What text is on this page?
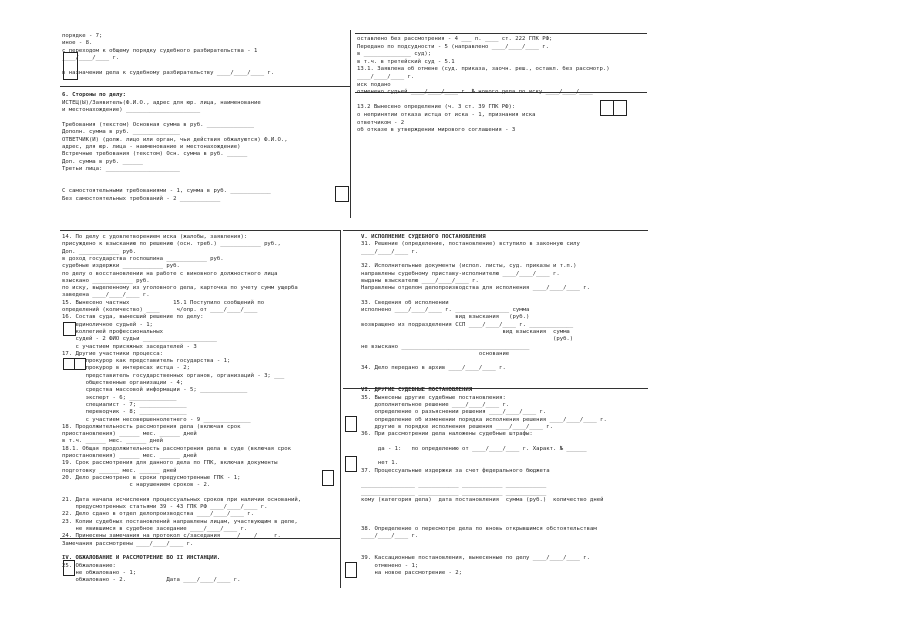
порядке - 7;
иное - 8.
с переходом к общему порядку судебного разбирательства - 1
____/____/____ г.
в назначении дела к судебному разбирательству ____/____/____ г.
6. Стороны по делу:
ИСТЕЦ(Ы)/Заявитель(Ф.И.О., адрес для юр. лица, наименование
и местонахождение) ______________________
Требования (текстом) Основная сумма в руб. ______________
Дополн. сумма в руб. ______________
ОТВЕТЧИК(И) (долж. лицо или орган, чьи действия обжалуются) Ф.И.О.,
адрес, для юр. лица - наименование и местонахождение)
Встречные требования (текстом) Осн. сумма в руб. ______
Доп. сумма в руб. ______
Третьи лица: ______________________
С самостоятельными требованиями - 1, сумма в руб. ____________
Без самостоятельных требований - 2 ____________
оставлено без рассмотрения - 4 ___ п. ____ ст. 222 ГПК РФ;
Передано по подсудности - 5 (направлено ____/____/____ г.
в ______________ суд);
в т.ч. в третейский суд - 5.1
13.1. Заявлена об отмене (суд. приказа, заочн. реш., оставл. без рассмотр.)
____/____/____ г.
иск подано
отменено судьей ____/____/____ г. № нового дела по иску ____/____/____
13.2 Вынесено определение (ч. 3 ст. 39 ГПК РФ):
о непринятии отказа истца от иска - 1, признания иска
ответчиком - 2
об отказе в утверждении мирового соглашения - 3
14. По делу с удовлетворением иска (жалобы, заявления):
присуждено к взысканию по решению (осн. треб.) ____________ руб.,
Доп. ____________ руб.
в доход государства госпошлина ____________ руб.
судебные издержки ____________ руб.
по делу о восстановлении на работе с виновного должностного лица
взыскано ____________ руб.
по иску, выделенному из уголовного дела, карточка по учету сумм ущерба
заведена ____/____/____ г.
15. Вынесено частных             15.1 Поступило сообщений по
определений (количество) ____     ч/опр. от ____/____/____
16. Состав суда, вынесший решение по делу:
единоличное судьей - 1;
коллегией профессиональных
судей - 2 ФИО судьи ______________________
с участием присяжных заседателей - 3
17. Другие участники процесса:
прокурор как представитель государства - 1;
прокурор в интересах истца - 2;
представитель государственных органов, организаций - 3; ___
общественные организации - 4;
средства массовой информации - 5; ______________
эксперт - 6; ______________
специалист - 7; ______________
переводчик - 8; ______________
с участием несовершеннолетнего - 9 ______________
18. Продолжительность рассмотрения дела (включая срок
приостановления) ______ мес. ______ дней
в т.ч. ______ мес. ______ дней
18.1. Общая продолжительность рассмотрения дела в суде (включая срок
приостановления) ______ мес. ______ дней
19. Срок рассмотрения для данного дела по ГПК, включая документы
подготовку ______ мес. ______ дней
20. Дело рассмотрено в сроки предусмотренные ГПК - 1;
с нарушением сроков - 2.
21. Дата начала исчисления процессуальных сроков при наличии оснований,
предусмотренных статьями 39 - 43 ГПК РФ ____/____/____ г.
22. Дело сдано в отдел делопроизводства ____/____/____ г.
23. Копии судебных постановлений направлены лицам, участвующим в деле,
не явившимся в судебное заседание ____/____/____ г.
24. Принесены замечания на протокол с/заседания ____/____/____ г.
Замечания рассмотрены ____/____/____ г.
IV. ОБЖАЛОВАНИЕ И РАССМОТРЕНИЕ ВО II ИНСТАНЦИИ.
25. Обжалование:
не обжаловано - 1;
обжаловано - 2.            Дата ____/____/____ г.
V. ИСПОЛНЕНИЕ СУДЕБНОГО ПОСТАНОВЛЕНИЯ
31. Решение (определение, постановление) вступило в законную силу
____/____/____ г.
32. Исполнительные документы (испол. листы, суд. приказы и т.п.)
направлены судебному приставу-исполнителю ____/____/____ г.
выданы взыскателю ____/____/____ г.
Направлены отделом делопроизводства для исполнения ____/____/____ г.
33. Сведения об исполнении
исполнено ____/____/____ г. ________________ сумма
вид взыскания   (руб.)
возвращено из подразделения ССП ____/____/____ г. _____________
вид взыскания  сумма
(руб.)
не взыскано ______________________________________
основание
34. Дело передано в архив ____/____/____ г.
VI. ДРУГИЕ СУДЕБНЫЕ ПОСТАНОВЛЕНИЯ
35. Вынесены другие судебные постановления:
дополнительное решение ____/____/____ г.
определение о разъяснении решения ____/____/____ г.
определение об изменении порядка исполнения решения ____/____/____ г.
другие в порядке исполнения решения ____/____/____ г.
36. При рассмотрении дела наложены судебные штрафы:
да - 1:   по определению от ____/____/____ г. Характ. № ______
нет 1.
37. Процессуальные издержки за счет федерального бюджета
________________ ____________ ____________ ____________
________________ ____________ ____________ ____________
кому (категория дела)  дата постановления  сумма (руб.)  количество дней
38. Определение о пересмотре дела по вновь открывшимся обстоятельствам
____/____/____ г.
39. Кассационные постановления, вынесенные по делу ____/____/____ г.
отменено - 1;
на новое рассмотрение - 2;
